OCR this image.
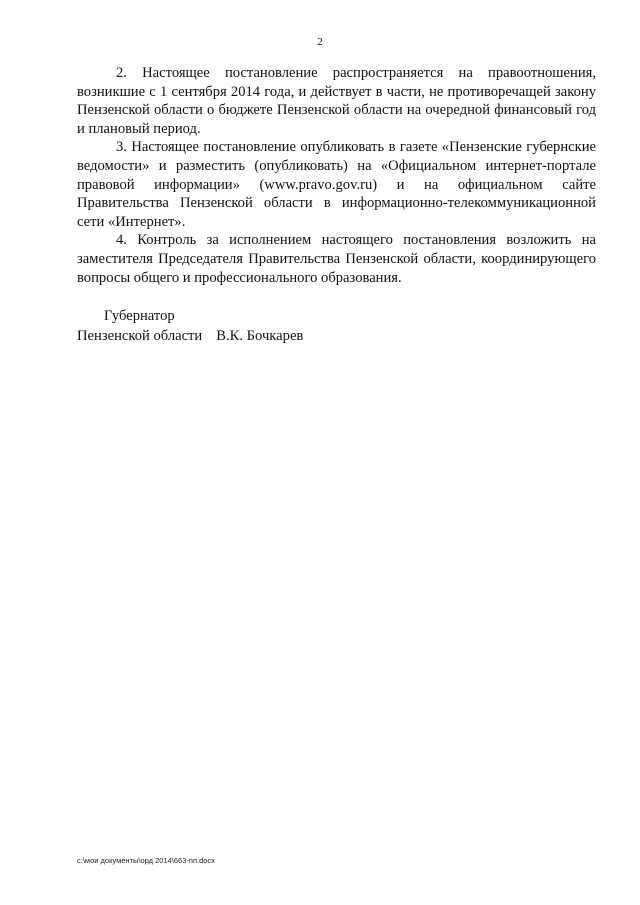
2

2. Настоящее постановление распространяется на правоотношения, возникшие с 1 сентября 2014 года, и действует в части, не противоречащей закону Пензенской области о бюджете Пензенской области на очередной финансовый год и плановый период.

3. Настоящее постановление опубликовать в газете «Пензенские губернские ведомости» и разместить (опубликовать) на «Официальном интернет-портале правовой информации» (www.pravo.gov.ru) и на официальном сайте Правительства Пензенской области в информационно-телекоммуникационной сети «Интернет».

4. Контроль за исполнением настоящего постановления возложить на заместителя Председателя Правительства Пензенской области, координирующего вопросы общего и профессионального образования.

Губернатор
Пензенской области В.К. Бочкарев
c:\мои документы\орд 2014\663-пп.docx
